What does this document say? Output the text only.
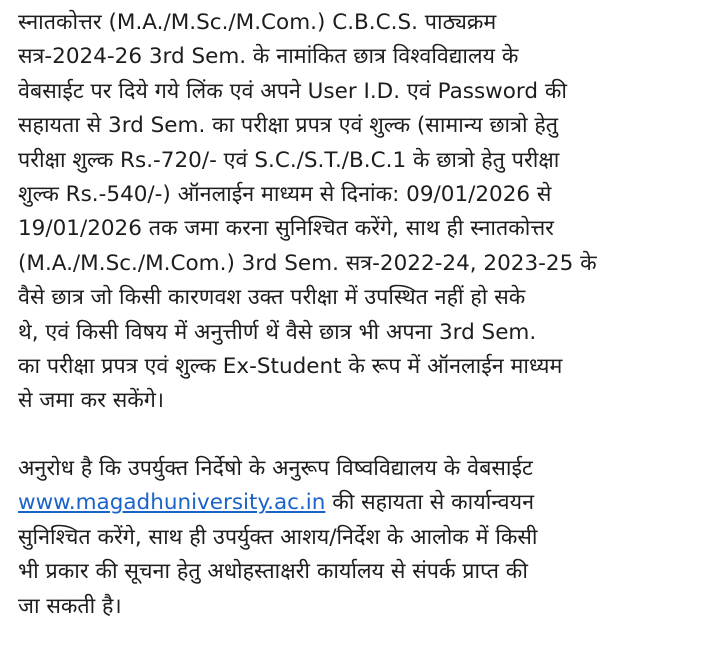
स्नातकोत्तर (M.A./M.Sc./M.Com.) C.B.C.S. पाठ्यक्रम
सत्र-2024-26 3rd Sem. के नामांकित छात्र विश्वविद्यालय के
वेबसाईट पर दिये गये लिंक एवं अपने User I.D. एवं Password की
सहायता से 3rd Sem. का परीक्षा प्रपत्र एवं शुल्क (सामान्य छात्रो हेतु
परीक्षा शुल्क Rs.-720/- एवं S.C./S.T./B.C.1 के छात्रो हेतु परीक्षा
शुल्क Rs.-540/-) ऑनलाईन माध्यम से दिनांक: 09/01/2026 से
19/01/2026 तक जमा करना सुनिश्चित करेंगे, साथ ही स्नातकोत्तर
(M.A./M.Sc./M.Com.) 3rd Sem. सत्र-2022-24, 2023-25 के
वैसे छात्र जो किसी कारणवश उक्त परीक्षा में उपस्थित नहीं हो सके
थे, एवं किसी विषय में अनुत्तीर्ण थें वैसे छात्र भी अपना 3rd Sem.
का परीक्षा प्रपत्र एवं शुल्क Ex-Student के रूप में ऑनलाईन माध्यम
से जमा कर सकेंगे।

अनुरोध है कि उपर्युक्त निर्देषो के अनुरूप विष्वविद्यालय के वेबसाईट
www.magadhuniversity.ac.in की सहायता से कार्यान्वयन
सुनिश्चित करेंगे, साथ ही उपर्युक्त आशय/निर्देश के आलोक में किसी
भी प्रकार की सूचना हेतु अधोहस्ताक्षरी कार्यालय से संपर्क प्राप्त की
जा सकती है।
